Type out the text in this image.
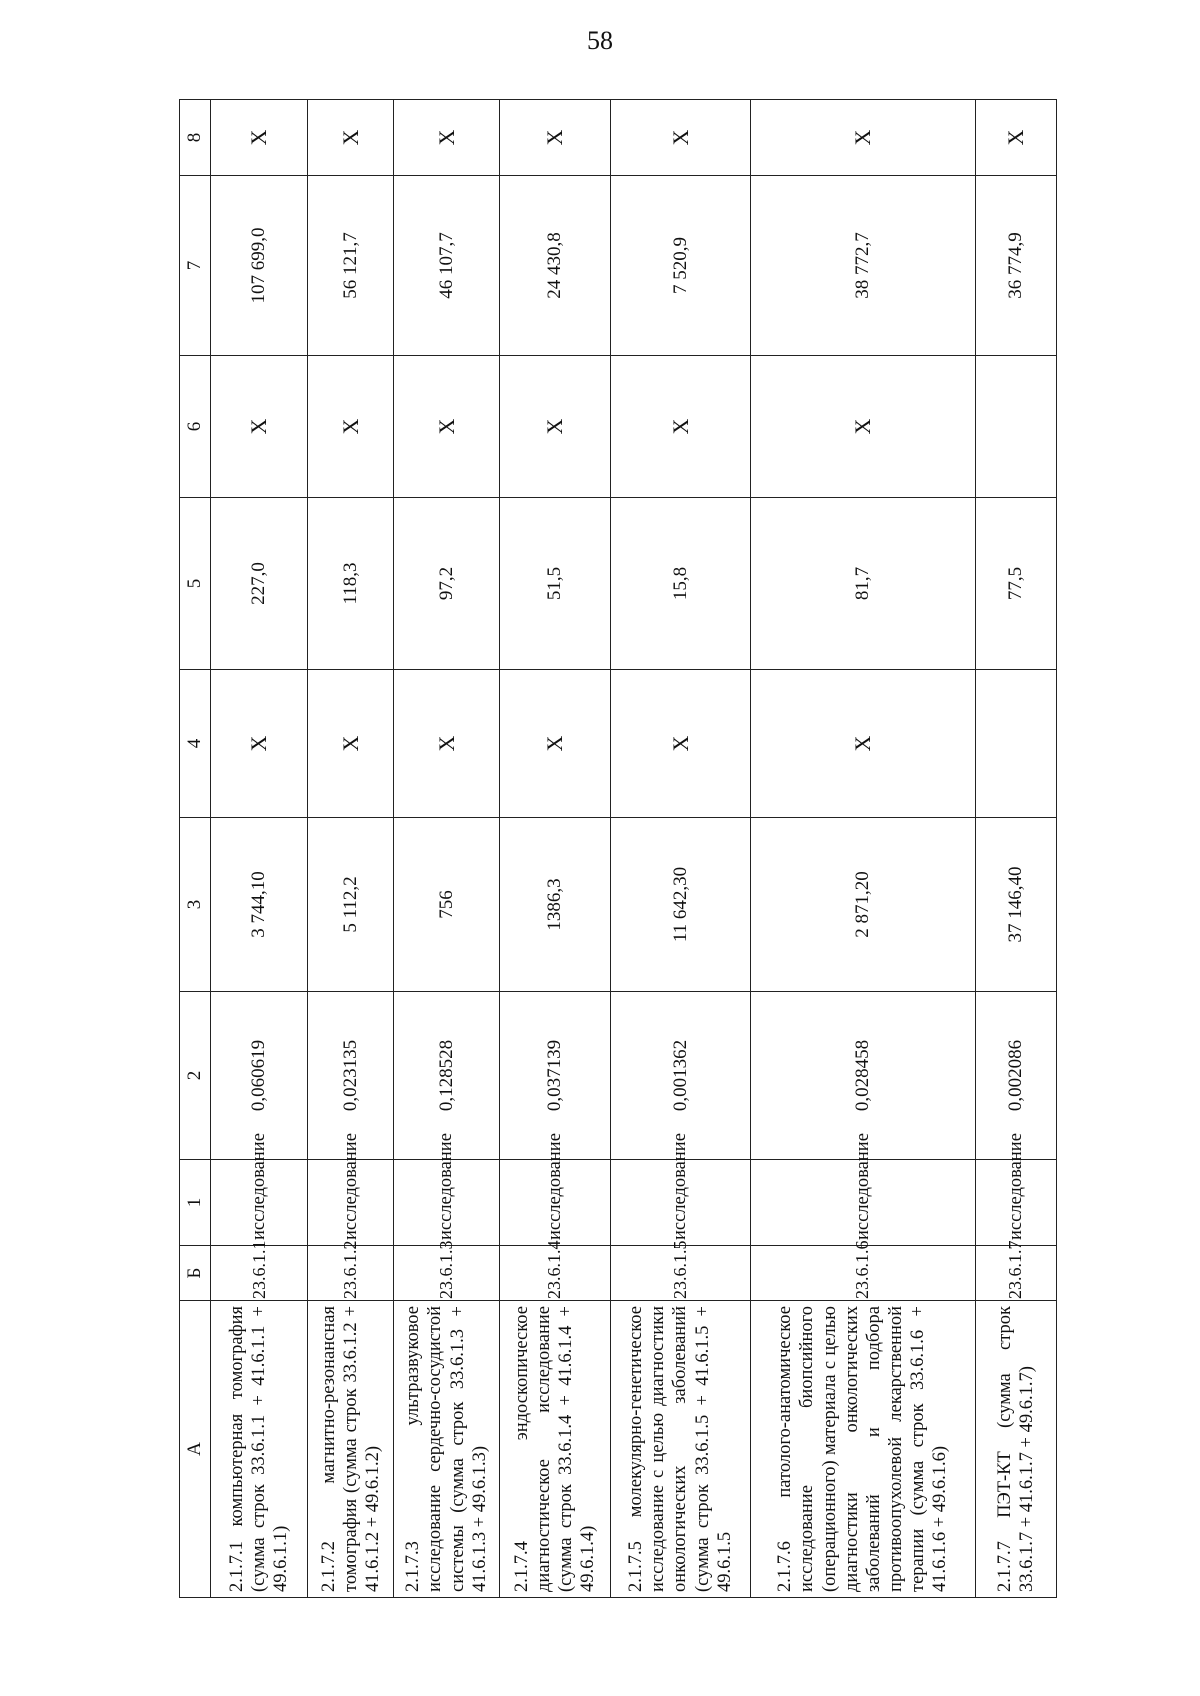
58
А	Б	1	2	3	4	5	6	7	8
2.1.7.1 компьютерная томография (сумма строк 33.6.1.1 + 41.6.1.1 + 49.6.1.1)	23.6.1.1	исследование	0,060619	3 744,10	X	227,0	X	107 699,0	X
2.1.7.2 магнитно-резонансная томография (сумма строк 33.6.1.2 + 41.6.1.2 + 49.6.1.2)	23.6.1.2	исследование	0,023135	5 112,2	X	118,3	X	56 121,7	X
2.1.7.3 ультразвуковое исследование сердечно-сосудистой системы (сумма строк 33.6.1.3 + 41.6.1.3 + 49.6.1.3)	23.6.1.3	исследование	0,128528	756	X	97,2	X	46 107,7	X
2.1.7.4 эндоскопическое диагностическое исследование (сумма строк 33.6.1.4 + 41.6.1.4 + 49.6.1.4)	23.6.1.4	исследование	0,037139	1386,3	X	51,5	X	24 430,8	X
2.1.7.5 молекулярно-генетическое исследование с целью диагностики онкологических заболеваний (сумма строк 33.6.1.5 + 41.6.1.5 + 49.6.1.5	23.6.1.5	исследование	0,001362	11 642,30	X	15,8	X	7 520,9	X
2.1.7.6 патолого-анатомическое исследование биопсийного (операционного) материала с целью диагностики онкологических заболеваний и подбора противоопухолевой лекарственной терапии (сумма строк 33.6.1.6 + 41.6.1.6 + 49.6.1.6)	23.6.1.6	исследование	0,028458	2 871,20	X	81,7	X	38 772,7	X
2.1.7.7 ПЭТ-КТ (сумма строк 33.6.1.7 + 41.6.1.7 + 49.6.1.7)	23.6.1.7	исследование	0,002086	37 146,40		77,5		36 774,9	X
